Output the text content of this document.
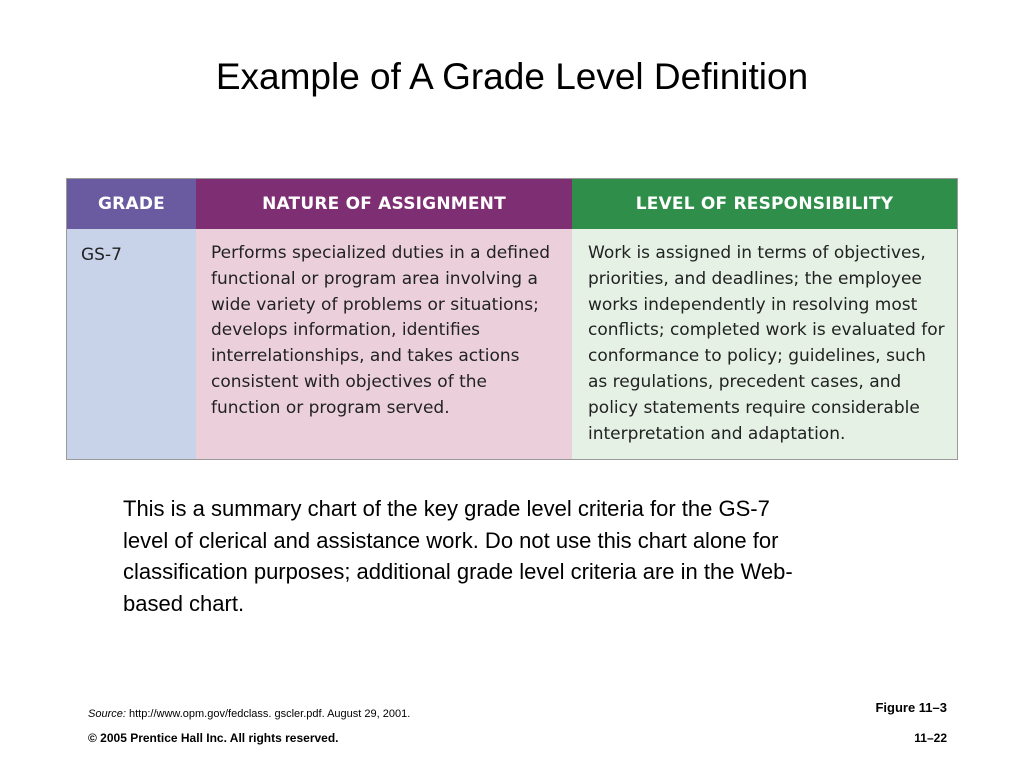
Example of A Grade Level Definition
GRADE
GS-7
NATURE OF ASSIGNMENT
Performs specialized duties in a defined
functional or program area involving a
wide variety of problems or situations;
develops information, identifies
interrelationships, and takes actions
consistent with objectives of the
function or program served.
LEVEL OF RESPONSIBILITY
Work is assigned in terms of objectives,
priorities, and deadlines; the employee
works independently in resolving most
conflicts; completed work is evaluated for
conformance to policy; guidelines, such
as regulations, precedent cases, and
policy statements require considerable
interpretation and adaptation.
This is a summary chart of the key grade level criteria for the GS-7
level of clerical and assistance work. Do not use this chart alone for
classification purposes; additional grade level criteria are in the Web-
based chart.
Source: http://www.opm.gov/fedclass. gscler.pdf. August 29, 2001.	Figure 11–3
© 2005 Prentice Hall Inc. All rights reserved.	11–22
